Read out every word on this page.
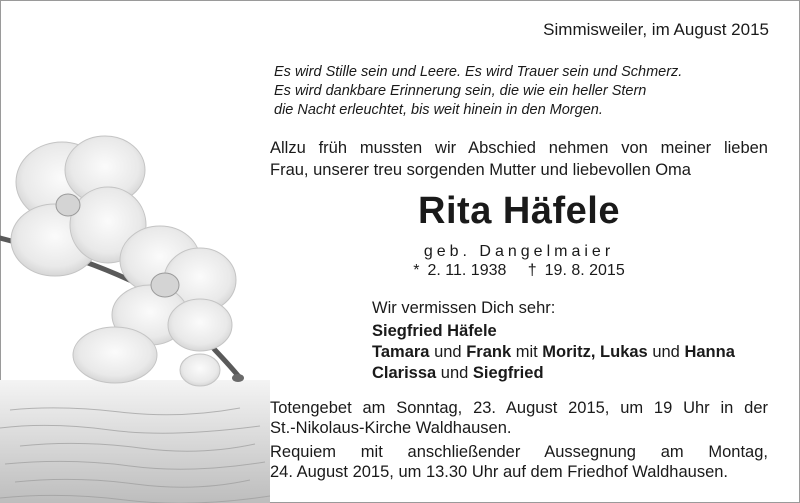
Simmisweiler, im August 2015
Es wird Stille sein und Leere. Es wird Trauer sein und Schmerz.
Es wird dankbare Erinnerung sein, die wie ein heller Stern
die Nacht erleuchtet, bis weit hinein in den Morgen.
Allzu früh mussten wir Abschied nehmen von meiner lieben
Frau, unserer treu sorgenden Mutter und liebevollen Oma
Rita Häfele
geb. Dangelmaier
* 2. 11. 1938 † 19. 8. 2015
Wir vermissen Dich sehr:
Siegfried Häfele
Tamara und Frank mit Moritz, Lukas und Hanna
Clarissa und Siegfried
Totengebet am Sonntag, 23. August 2015, um 19 Uhr in der
St.-Nikolaus-Kirche Waldhausen.
Requiem mit anschließender Aussegnung am Montag,
24. August 2015, um 13.30 Uhr auf dem Friedhof Waldhausen.
